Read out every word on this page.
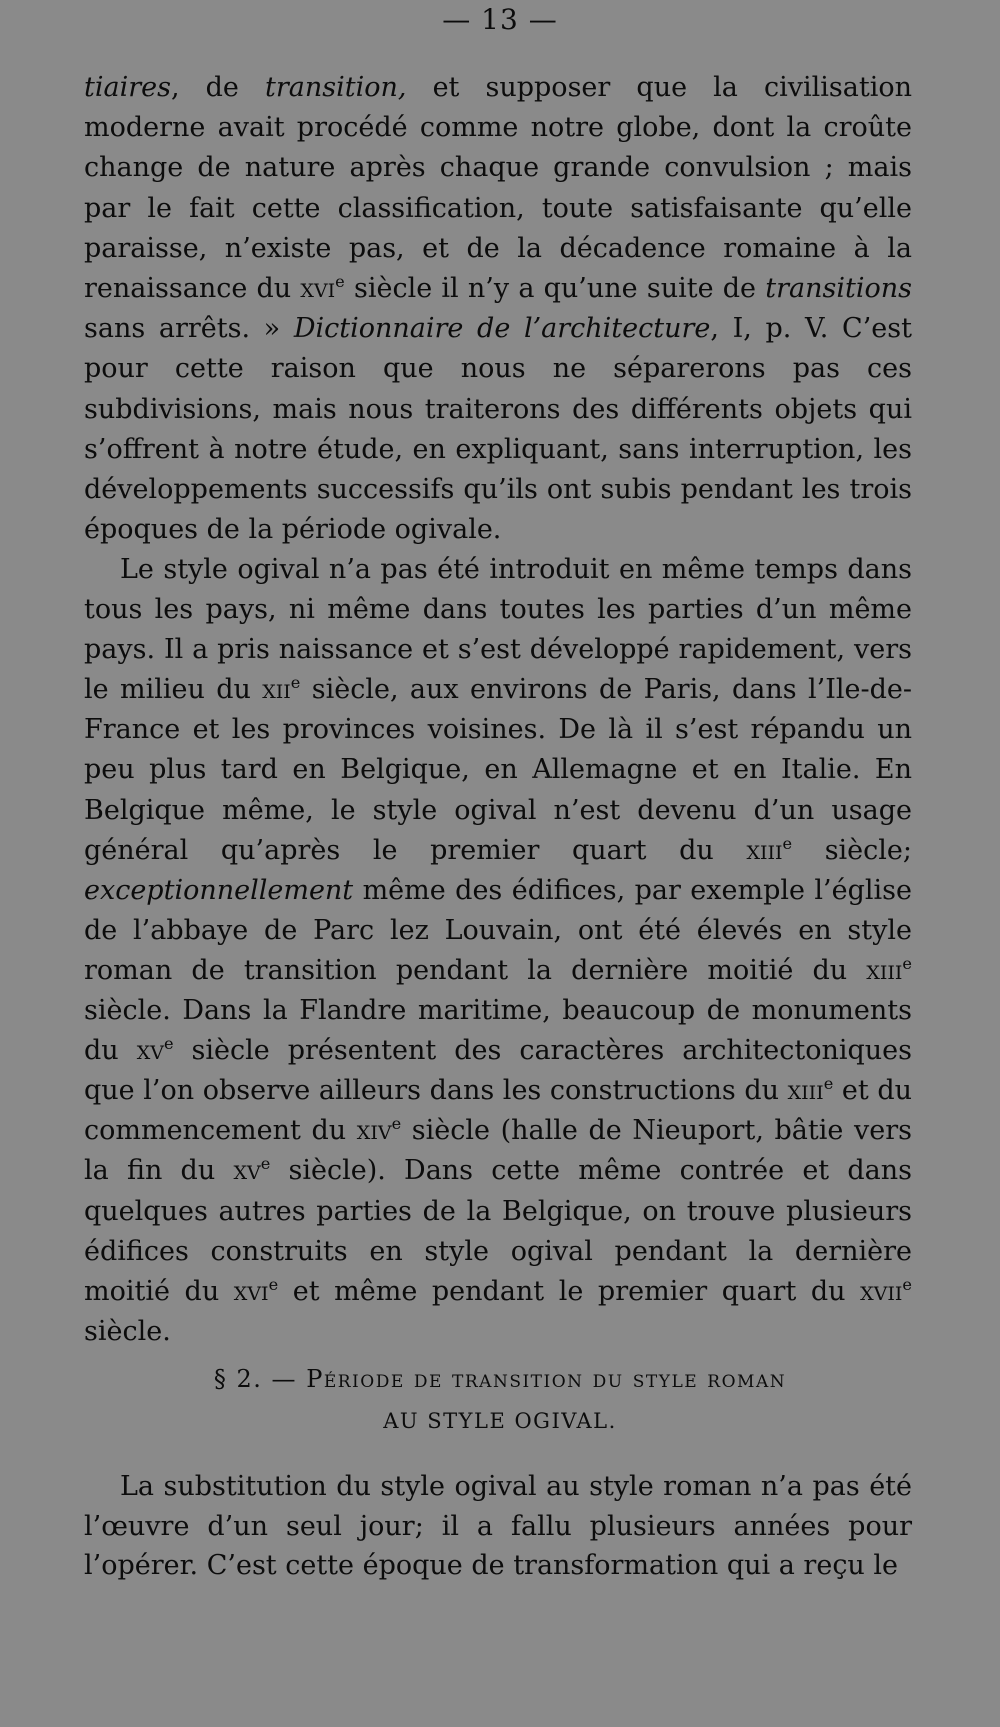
— 13 —

tiaires, de transition, et supposer que la civilisation moderne avait procédé comme notre globe, dont la croûte change de nature après chaque grande convulsion ; mais par le fait cette classification, toute satisfaisante qu’elle paraisse, n’existe pas, et de la décadence romaine à la renaissance du xvi$^e$ siècle il n’y a qu’une suite de transitions sans arrêts. » Dictionnaire de l’architecture, I, p. V. C’est pour cette raison que nous ne séparerons pas ces subdivisions, mais nous traiterons des différents objets qui s’offrent à notre étude, en expliquant, sans interruption, les développements successifs qu’ils ont subis pendant les trois époques de la période ogivale.

Le style ogival n’a pas été introduit en même temps dans tous les pays, ni même dans toutes les parties d’un même pays. Il a pris naissance et s’est développé rapidement, vers le milieu du xii$^e$ siècle, aux environs de Paris, dans l’Ile-de-France et les provinces voisines. De là il s’est répandu un peu plus tard en Belgique, en Allemagne et en Italie. En Belgique même, le style ogival n’est devenu d’un usage général qu’après le premier quart du xiii$^e$ siècle; exceptionnellement même des édifices, par exemple l’église de l’abbaye de Parc lez Louvain, ont été élevés en style roman de transition pendant la dernière moitié du xiii$^e$ siècle. Dans la Flandre maritime, beaucoup de monuments du $xv^e$ siècle présentent des caractères architectoniques que l’on observe ailleurs dans les constructions du xiii$^e$ et du commencement du xiv$^e$ siècle (halle de Nieuport, bâtie vers la fin du $xv^e$ siècle). Dans cette même contrée et dans quelques autres parties de la Belgique, on trouve plusieurs édifices construits en style ogival pendant la dernière moitié du xvi$^e$ et même pendant le premier quart du xvii$^e$ siècle.

§ 2. — Période de transition du style roman
AU STYLE OGIVAL.

La substitution du style ogival au style roman n’a pas été l’œuvre d’un seul jour; il a fallu plusieurs années pour l’opérer. C’est cette époque de transformation qui a reçu le
